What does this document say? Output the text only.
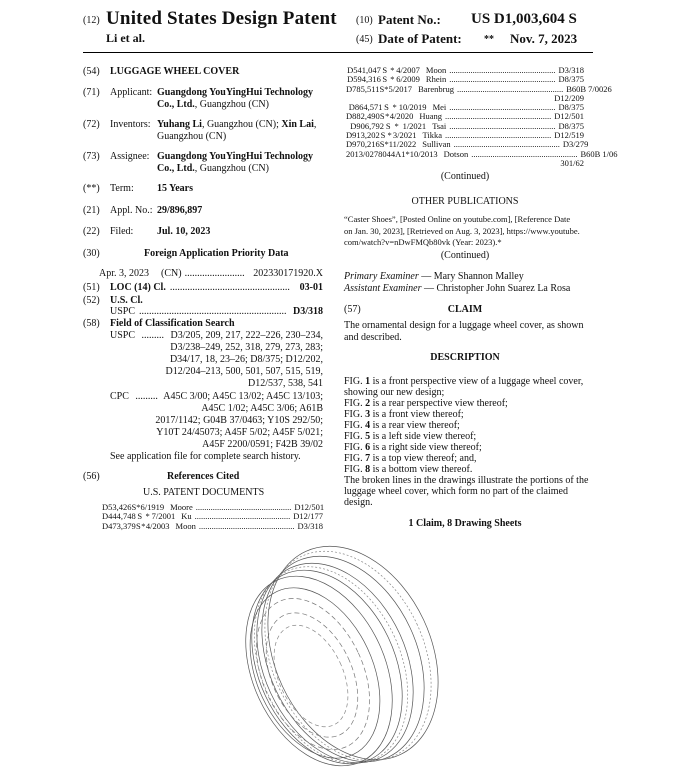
(12) United States Design Patent
Li et al.
(10) Patent No.: US D1,003,604 S
(45) Date of Patent: ** Nov. 7, 2023
(54) LUGGAGE WHEEL COVER
(71) Applicant: Guangdong YouYingHui Technology
Co., Ltd., Guangzhou (CN)
(72) Inventors: Yuhang Li, Guangzhou (CN); Xin Lai,
Guangzhou (CN)
(73) Assignee: Guangdong YouYingHui Technology
Co., Ltd., Guangzhou (CN)
(**) Term: 15 Years
(21) Appl. No.: 29/896,897
(22) Filed: Jul. 10, 2023
(30)	Foreign Application Priority Data
Apr. 3, 2023 (CN) ........................ 202330171920.X
(51) LOC (14) Cl. ................................................ 03-01
(52) U.S. Cl.
USPC ........................................................... D3/318
(58) Field of Classification Search
USPC ......... D3/205, 209, 217, 222–226, 230–234,
D3/238–249, 252, 318, 279, 273, 283;
D34/17, 18, 23–26; D8/375; D12/202,
D12/204–213, 500, 501, 507, 515, 519,
D12/537, 538, 541
CPC ......... A45C 3/00; A45C 13/02; A45C 13/103;
A45C 1/02; A45C 3/06; A61B
2017/1142; G04B 37/0463; Y10S 292/50;
Y10T 24/45073; A45F 5/02; A45F 5/021;
A45F 2200/0591; F42B 39/02
See application file for complete search history.
(56)	References Cited
U.S. PATENT DOCUMENTS
D53,426 S * 6/1919 Moore ............................................. D12/501
D444,748 S * 7/2001 Ku ............................................. D12/177
D473,379 S * 4/2003 Moon ............................................. D3/318
D541,047 S * 4/2007 Moon .................................................. D3/318
D594,316 S * 6/2009 Rhein .................................................. D8/375
D785,511 S * 5/2017 Barenbrug .................................................. B60B 7/0026
D12/209
D864,571 S * 10/2019 Mei .................................................. D8/375
D882,490 S * 4/2020 Huang .................................................. D12/501
D906,792 S * 1/2021 Tsai .................................................. D8/375
D913,202 S * 3/2021 Tikka .................................................. D12/519
D970,216 S * 11/2022 Sullivan .................................................. D3/279
2013/0278044 A1 * 10/2013 Dotson .................................................. B60B 1/06
301/62
(Continued)
OTHER PUBLICATIONS
“Caster Shoes”, [Posted Online on youtube.com], [Reference Date
on Jan. 30, 2023], [Retrieved on Aug. 3, 2023], https://www.youtube.
com/watch?v=nDwFMQb80vk (Year: 2023).*
(Continued)
Primary Examiner — Mary Shannon Malley
Assistant Examiner — Christopher John Suarez La Rosa
(57)	CLAIM
The ornamental design for a luggage wheel cover, as shown
and described.
DESCRIPTION
FIG. 1 is a front perspective view of a luggage wheel cover,
showing our new design;
FIG. 2 is a rear perspective view thereof;
FIG. 3 is a front view thereof;
FIG. 4 is a rear view thereof;
FIG. 5 is a left side view thereof;
FIG. 6 is a right side view thereof;
FIG. 7 is a top view thereof; and,
FIG. 8 is a bottom view thereof.
The broken lines in the drawings illustrate the portions of the
luggage wheel cover, which form no part of the claimed
design.
1 Claim, 8 Drawing Sheets
